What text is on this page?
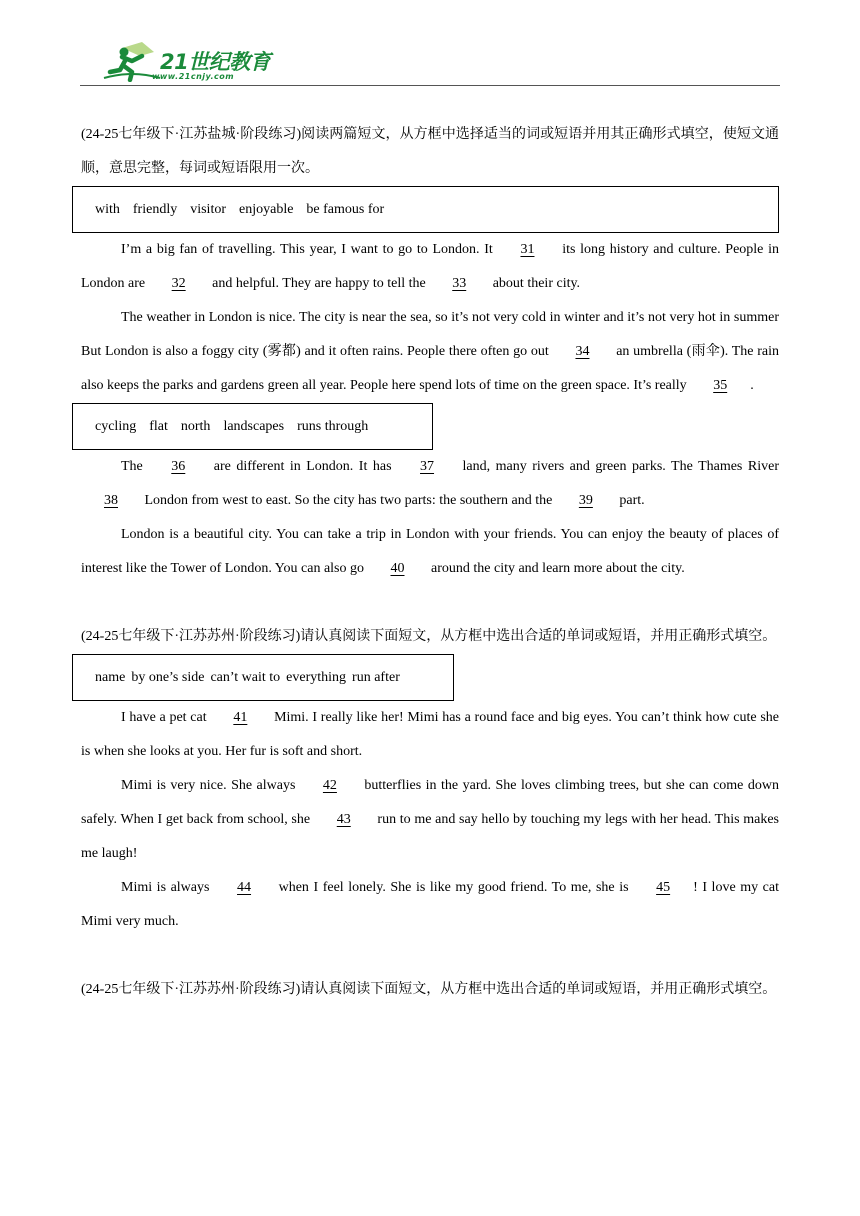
21世纪教育
www.21cnjy.com

(24-25七年级下·江苏盐城·阶段练习)阅读两篇短文，从方框中选择适当的词或短语并用其正确形式填空，使短文通顺，意思完整，每词或短语限用一次。

with friendly visitor enjoyable be famous for

I’m a big fan of travelling. This year, I want to go to London. It 31 its long history and culture. People in London are 32 and helpful. They are happy to tell the 33 about their city.

The weather in London is nice. The city is near the sea, so it’s not very cold in winter and it’s not very hot in summer But London is also a foggy city (雾都) and it often rains. People there often go out 34 an umbrella (雨伞). The rain also keeps the parks and gardens green all year. People here spend lots of time on the green space. It’s really 35 .

cycling flat north landscapes runs through

The 36 are different in London. It has 37 land, many rivers and green parks. The Thames River 38 London from west to east. So the city has two parts: the southern and the 39 part.

London is a beautiful city. You can take a trip in London with your friends. You can enjoy the beauty of places of interest like the Tower of London. You can also go 40 around the city and learn more about the city.

(24-25七年级下·江苏苏州·阶段练习)请认真阅读下面短文，从方框中选出合适的单词或短语，并用正确形式填空。

name by one’s side can’t wait to everything run after

I have a pet cat 41 Mimi. I really like her! Mimi has a round face and big eyes. You can’t think how cute she is when she looks at you. Her fur is soft and short.

Mimi is very nice. She always 42 butterflies in the yard. She loves climbing trees, but she can come down safely. When I get back from school, she 43 run to me and say hello by touching my legs with her head. This makes me laugh!

Mimi is always 44 when I feel lonely. She is like my good friend. To me, she is 45 ! I love my cat Mimi very much.

(24-25七年级下·江苏苏州·阶段练习)请认真阅读下面短文，从方框中选出合适的单词或短语，并用正确形式填空。
